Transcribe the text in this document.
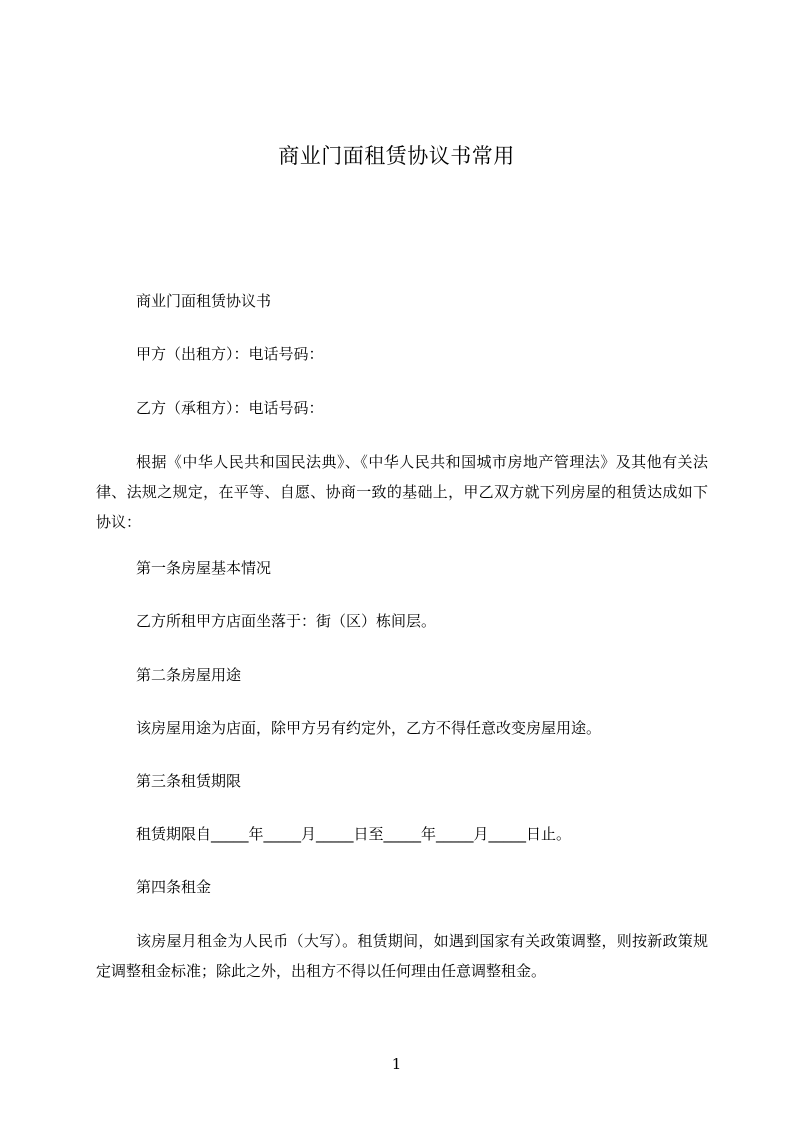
商业门面租赁协议书常用

商业门面租赁协议书

甲方（出租方）：电话号码：

乙方（承租方）：电话号码：

根据《中华人民共和国民法典》、《中华人民共和国城市房地产管理法》及其他有关法律、法规之规定，在平等、自愿、协商一致的基础上，甲乙双方就下列房屋的租赁达成如下协议：

第一条房屋基本情况

乙方所租甲方店面坐落于：街（区）栋间层。

第二条房屋用途

该房屋用途为店面，除甲方另有约定外，乙方不得任意改变房屋用途。

第三条租赁期限

租赁期限自_____年_____月_____日至_____年_____月_____日止。

第四条租金

该房屋月租金为人民币（大写）。租赁期间，如遇到国家有关政策调整，则按新政策规定调整租金标准；除此之外，出租方不得以任何理由任意调整租金。

1
